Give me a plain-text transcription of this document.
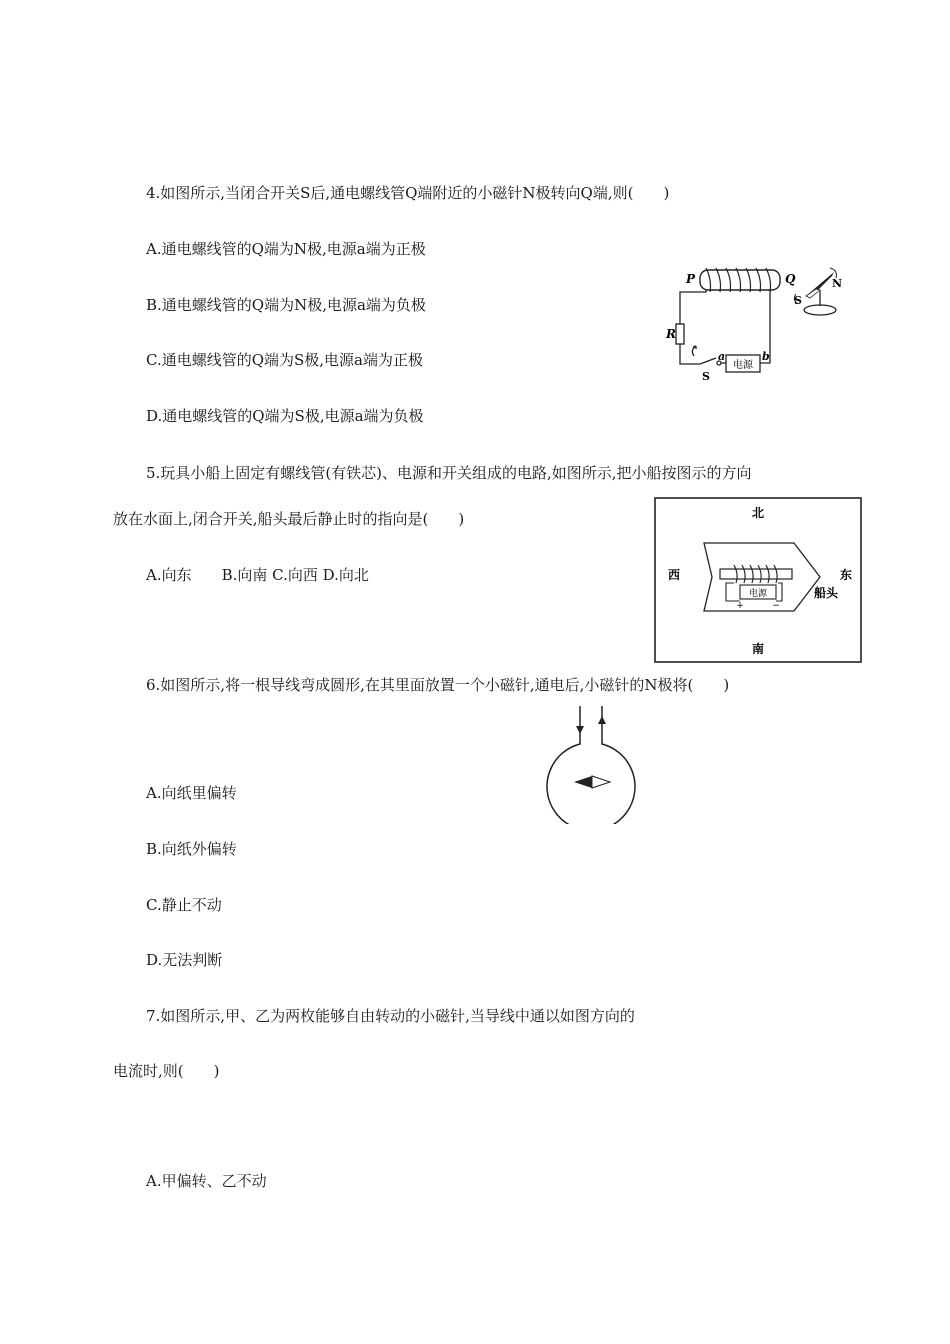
4.如图所示,当闭合开关S后,通电螺线管Q端附近的小磁针N极转向Q端,则(　　)
A.通电螺线管的Q端为N极,电源a端为正极
B.通电螺线管的Q端为N极,电源a端为负极
C.通电螺线管的Q端为S极,电源a端为正极
D.通电螺线管的Q端为S极,电源a端为负极
电源
P	Q
R
S
a	b
N
S
5.玩具小船上固定有螺线管(有铁芯)、电源和开关组成的电路,如图所示,把小船按图示的方向
放在水面上,闭合开关,船头最后静止时的指向是(　　)
A.向东　　B.向南 C.向西 D.向北
电源
+	−
北
南
西	东
船头
6.如图所示,将一根导线弯成圆形,在其里面放置一个小磁针,通电后,小磁针的N极将(　　)
A.向纸里偏转
B.向纸外偏转
C.静止不动
D.无法判断
7.如图所示,甲、乙为两枚能够自由转动的小磁针,当导线中通以如图方向的
电流时,则(　　)
A.甲偏转、乙不动
